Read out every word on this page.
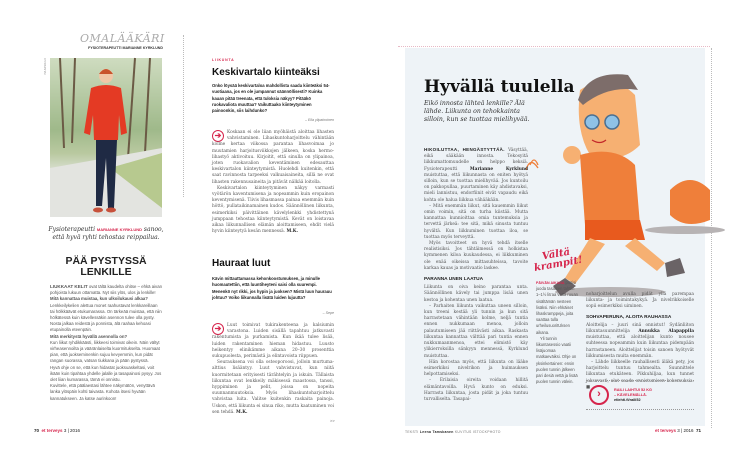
OMALÄÄKÄRI
FYSIOTERAPEUTTI MARIANNE KYRKLUND
PIA ARNOULD
Fysioterapeutti MARIANNE KYRKLUND sanoo, että hyvä ryhti tehostaa reippailua.
PÄÄ PYSTYSSÄ LENKILLE
LIUKKAAT KELIT ovat tältä kaudelta ohitse – ehkä aivan pohjoista lukuun ottamatta. Nyt siis ylös, ulos ja lenkille!
Mitä kannattaa muistaa, kun ulkoilukausi alkaa?

Lenkkeilykelien alettua monet raahustavat lenkkareillaan tai hölkkäävät etukumarassa. On tärkeää muistaa, että niin hölkätessä kuin kävellessäkin asennon tulee olla pysty. Nosta jalkaa reidestä ja ponnista, älä raahaa kehoasi etupainolla eteenpäin.

Mitä merkitystä hyvällä asennolla on?

Kun liikut ryhdikkäästi, liikkeesi toimivat oikein. Näin vältyt virheasennoilta ja vääränlaiselta kuormitukselta. Huomaat pian, että juokseminenkin sujuu kevyemmin, kun pidät rangan suorassa, vatsan tiukkana ja pään pystyssä.

Hyvä ohje on se, että kun hidastat juoksuaskeltasi, voit ikään kuin tipahtaa yhdelle jalalle ja tasapainosi pysyy. Jos olet liian kumarassa, tämä ei onnistu.

Kuvittele, että päälaestasi lähtee näkymätön, venyttävä lanka ylöspäin kohti taivasta. Kohota itsesi hyvään kannatukseen. Ja katse aurinkoon!

70 et terveys 3 | 2016
LIIKUNTA
Keskivartalo kiinteäksi
Onko löysää keskivartaloa mahdollista saada kiinteäksi 54-vuotiaana, jos en ole jumpannut säännöllisesti? Kuinka kauan pitää treenata, että tuloksia näkyy? Pitääkö ruokavaliota muuttaa? Vaikuttaako kiinteytyminen painoonkin, siis laihdunko?
– Ella ylipainoinen
➔	Koskaan ei ole liian myöhäistä aloittaa lihasten vahvistaminen. Lihaskuntoharjoittelu vähintään kolme kertaa viikossa parantaa lihasvoimaa jo muutamien harjoitusviikkojen jälkeen, koska hermo-lihastyö aktivoituu. Kirjoitit, että sinulla on ylipainoa, joten ruokavalion keventäminen edesauttaa keskivartalon kiinteytymistä. Huolehdi kuitenkin, että saat ravinnosta tarpeeksi valkuaisaineita, sillä ne ovat lihasten rakennusaineita ja pitävät nälkää loitolla.

Keskivartalon kiinteytyminen näkyy varmasti vyötärön kaventumisena ja nopeammin kuin eropainon keventymisenä. Tiivis lihasmassa painaa enemmän kuin höttö, pullataikinamainen kudos. Säännöllinen liikunta, esimerkiksi päivittäinen kävelylenkki yhdistettynä jumppaan tehostaa kiinteytymistä. Kevät on loistavaa aikaa liikunnallisen elämän aloittamiseen, ehdit vielä hyvin kiinteytyä kesän mennessä. M.K.

Hauraat luut
Kävin mittauttamassa kehonkoostumuksen, ja minulle huomautettiin, että luuntiheyteni saisi olla suurempi. Menenkö nyt rikki, jos hypin ja juoksen? Mistä luun haurauu johtuu? Voiko liikunnalla lisätä luiden lujuutta?
– Sepe
➔	Luut toimivat tukirakenteena ja kalsiumin varastona. Luiden sisällä tapahtuu jatkuvasti rakentumista ja purkamista. Kun ikää tulee lisää, luiden rakentaminen hieman hidastuu. Luusto heikentyy elinikämme aikana 20–30 prosenttia sukupuolesta, perimästä ja elintavoista riippuen.

Seurauksena voi olla osteoporoosi, jolloin murtuma-alttius lisääntyy. Luut vahvistuvat, kun niitä kuormitetaan erityisesti tärähtelyin ja iskuin. Tällaista liikuntaa ovat lenkkeily mäkisessä maastossa, tanssi, hyppiminen ja pelit, joissa on nopeita suunnanmuutoksia. Myös lihaskuntoharjoittelu vahvistaa luita. Valitse kuitenkin raskaita painoja. Uskon, että liikunta ei sinua riko, mutta kaatuminen voi sen tehdä. M.K.

>>
Hyvällä tuulella
Eikö innosta lähteä lenkille? Älä lähde. Liikunta on tehokkainta silloin, kun se tuottaa mielihyvää.
HIKOILUTTAA, HENGÄSTYTTÄÄ. Väsyttää, eikä sääkään innosta. Tekosyitä liikkumattomuudelle on helppo keksiä. Fysioterapeutti Marianne Kyrklund muistuttaa, että liikunnasta on eniten hyötyä silloin, kun se tuottaa mielihyvää. Jos kuntoilu on pakkopullaa, puurtaminen käy ahdistavaksi, mieli lannistuu, endorfiinit eivät vapaudu eikä kohta ole halua liikkua vähääkään.

– Mitä enemmän liikut, sitä kauemmin liikut omin voimin, sitä on turha kiistää. Mutta kannattaa kunnioittaa omia tuntemuksia ja tervettä järkeä: tee sitä, mikä sinusta tuntuu hyvältä. Kun liikkuminen tuottaa iloa, se tuottaa myös terveyttä.

Myös tavoitteet on hyvä tehdä itselle realistisiksi. Jos tähtäimessä on holkistaa kymmenen kiloa kuukaudessa, ei liikkuminen ole enää oikeissa mittasuhteissa, tavoite karkaa kauas ja motivaatio laskee.

PARANNA UNEN LAATUA
Liikunta on oiva keino parantaa unta. Säännöllinen kävely tai jumppa lisää unen kestoa ja kohentaa unen laatua.

– Parhaiten liikunta vaikuttaa uneen silloin, kun treeni kestää yli tunnin ja kun sitä harrastetaan vähintään kolme, neljä tuntia ennen nukkumaan menoa, jolloin palautumiseen jää riittävästi aikaa. Raskasta liikuntaa kannattaa välttää pari tuntia ennen nukkumaanmenoa, ettei elimistö käy ylikierroksilla sänkyyn mennessä, Kyrklund muistuttaa.

Hän korostaa myös, että liikunta on lääke esimerkiksi nivelrikon ja huimauksen helpottamiseksi.

– Erilaisia oireita voidaan hillitä elämäntavoilla. Hyvä kunto on eduksi. Harrasta liikuntaa, josta pidät ja joka tuntuu turvalliselta. Tasapai-

Vältä krampit!
PÄIVÄN AIKANA pitäisi juoda tasaisen tahtiin 1–1½ litraa vettä ruuan sisältämän nesteen lisäksi. Niin ehkäiset lihaskramppeja, joita saattaa tulla urheilusuoritUksen aikana.

Yli tunnin liikuntasessio vaatii lisäjuomaa matkaeväiksi. Ohje on yksinkertainen: ensin puolen tunnin jälkeen pari desiä vettä ja lisää puolen tunnin välein.

noharjoittelun avulla pidät yllä parempaa liikunta- ja toimintakykyä. Ja nivelrikkoiselle sopii esimerkiksi uiminen.
SOHVAPERUNA, ALOITA RAUHASSA
Aloittelija – juuri sinä onnistut! Sydänliiton liikuntasuunnittelija Annukka Alapappila muistuttaa, että aloittelijan kunto nousee suhteessa nopeammin kuin liikuntaa pidempään harrastaneen. Aloittelijat toisin sanoen hyötyvät liikkumisesta muita enemmän.

– Lähde liikkeelle rauhallisesti äläkä pety, jos harjoittelu tuntuu tahmealta. Suunnittele liikuntaa etukäteen. Pikkuhiljaa, kun tunnet jaksavasti, alat saada onnistumisen kokemuksia. ■

›	RAILI LAIHTUI 52 KG
– KÄVELEMÄLLÄ.
etlehti.fi/raili52
TEKSTI Leena Tamskanen KUVITUS ISTOCKPHOTO	et terveys 3 | 2016 71
